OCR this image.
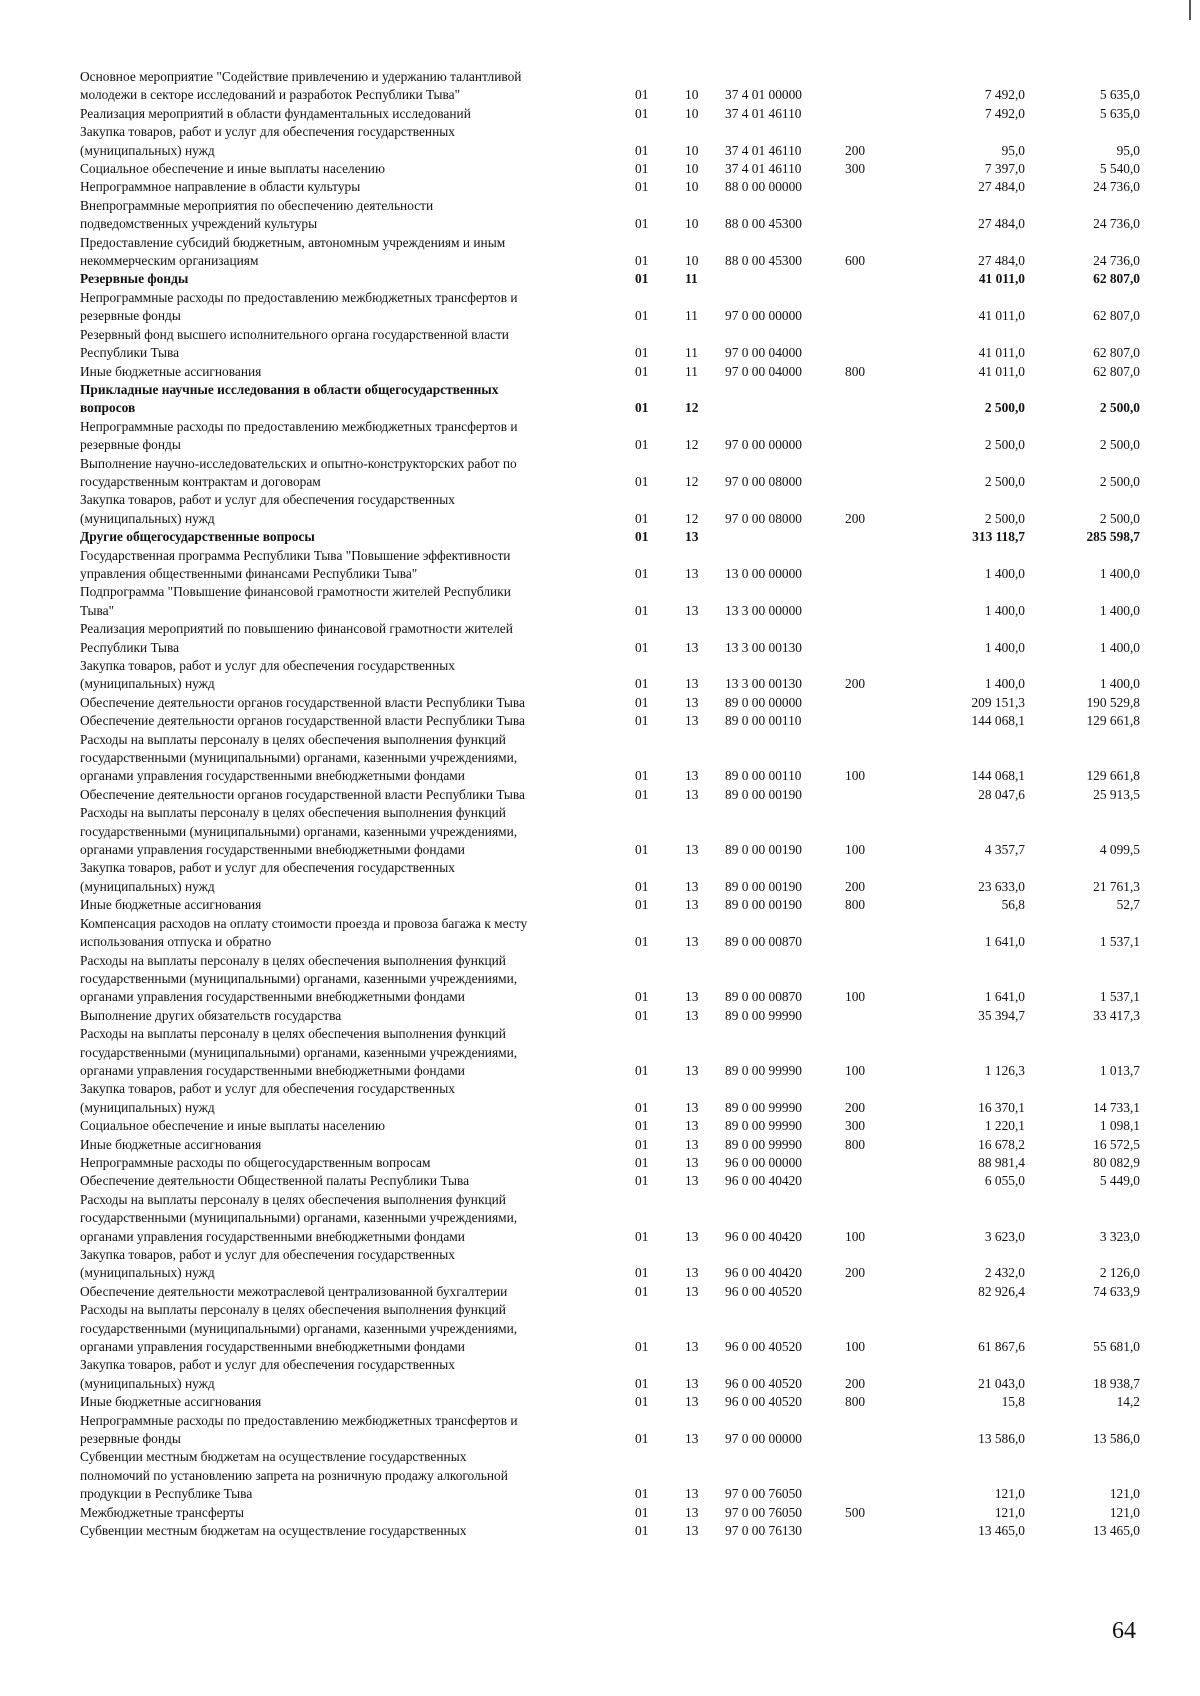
Основное мероприятие "Содействие привлечению и удержанию талантливой
молодежи в секторе исследований и разработок Республики Тыва"	01	10	37 4 01 00000		7 492,0	5 635,0

Реализация мероприятий в области фундаментальных исследований	01	10	37 4 01 46110		7 492,0	5 635,0

Закупка товаров, работ и услуг для обеспечения государственных
(муниципальных) нужд	01	10	37 4 01 46110	200	95,0	95,0

Социальное обеспечение и иные выплаты населению	01	10	37 4 01 46110	300	7 397,0	5 540,0

Непрограммное направление в области культуры	01	10	88 0 00 00000		27 484,0	24 736,0

Внепрограммные мероприятия по обеспечению деятельности
подведомственных учреждений культуры	01	10	88 0 00 45300		27 484,0	24 736,0

Предоставление субсидий бюджетным, автономным учреждениям и иным
некоммерческим организациям	01	10	88 0 00 45300	600	27 484,0	24 736,0

Резервные фонды	01	11			41 011,0	62 807,0

Непрограммные расходы по предоставлению межбюджетных трансфертов и
резервные фонды	01	11	97 0 00 00000		41 011,0	62 807,0

Резервный фонд высшего исполнительного органа государственной власти
Республики Тыва	01	11	97 0 00 04000		41 011,0	62 807,0

Иные бюджетные ассигнования	01	11	97 0 00 04000	800	41 011,0	62 807,0

Прикладные научные исследования в области общегосударственных
вопросов	01	12			2 500,0	2 500,0

Непрограммные расходы по предоставлению межбюджетных трансфертов и
резервные фонды	01	12	97 0 00 00000		2 500,0	2 500,0

Выполнение научно-исследовательских и опытно-конструкторских работ по
государственным контрактам и договорам	01	12	97 0 00 08000		2 500,0	2 500,0

Закупка товаров, работ и услуг для обеспечения государственных
(муниципальных) нужд	01	12	97 0 00 08000	200	2 500,0	2 500,0

Другие общегосударственные вопросы	01	13			313 118,7	285 598,7

Государственная программа Республики Тыва "Повышение эффективности
управления общественными финансами Республики Тыва"	01	13	13 0 00 00000		1 400,0	1 400,0

Подпрограмма "Повышение финансовой грамотности жителей Республики
Тыва"	01	13	13 3 00 00000		1 400,0	1 400,0

Реализация мероприятий по повышению финансовой грамотности жителей
Республики Тыва	01	13	13 3 00 00130		1 400,0	1 400,0

Закупка товаров, работ и услуг для обеспечения государственных
(муниципальных) нужд	01	13	13 3 00 00130	200	1 400,0	1 400,0

Обеспечение деятельности органов государственной власти Республики Тыва	01	13	89 0 00 00000		209 151,3	190 529,8

Обеспечение деятельности органов государственной власти Республики Тыва	01	13	89 0 00 00110		144 068,1	129 661,8

Расходы на выплаты персоналу в целях обеспечения выполнения функций
государственными (муниципальными) органами, казенными учреждениями,
органами управления государственными внебюджетными фондами	01	13	89 0 00 00110	100	144 068,1	129 661,8

Обеспечение деятельности органов государственной власти Республики Тыва	01	13	89 0 00 00190		28 047,6	25 913,5

Расходы на выплаты персоналу в целях обеспечения выполнения функций
государственными (муниципальными) органами, казенными учреждениями,
органами управления государственными внебюджетными фондами	01	13	89 0 00 00190	100	4 357,7	4 099,5

Закупка товаров, работ и услуг для обеспечения государственных
(муниципальных) нужд	01	13	89 0 00 00190	200	23 633,0	21 761,3

Иные бюджетные ассигнования	01	13	89 0 00 00190	800	56,8	52,7

Компенсация расходов на оплату стоимости проезда и провоза багажа к месту
использования отпуска и обратно	01	13	89 0 00 00870		1 641,0	1 537,1

Расходы на выплаты персоналу в целях обеспечения выполнения функций
государственными (муниципальными) органами, казенными учреждениями,
органами управления государственными внебюджетными фондами	01	13	89 0 00 00870	100	1 641,0	1 537,1

Выполнение других обязательств государства	01	13	89 0 00 99990		35 394,7	33 417,3

Расходы на выплаты персоналу в целях обеспечения выполнения функций
государственными (муниципальными) органами, казенными учреждениями,
органами управления государственными внебюджетными фондами	01	13	89 0 00 99990	100	1 126,3	1 013,7

Закупка товаров, работ и услуг для обеспечения государственных
(муниципальных) нужд	01	13	89 0 00 99990	200	16 370,1	14 733,1

Социальное обеспечение и иные выплаты населению	01	13	89 0 00 99990	300	1 220,1	1 098,1

Иные бюджетные ассигнования	01	13	89 0 00 99990	800	16 678,2	16 572,5

Непрограммные расходы по общегосударственным вопросам	01	13	96 0 00 00000		88 981,4	80 082,9

Обеспечение деятельности Общественной палаты Республики Тыва	01	13	96 0 00 40420		6 055,0	5 449,0

Расходы на выплаты персоналу в целях обеспечения выполнения функций
государственными (муниципальными) органами, казенными учреждениями,
органами управления государственными внебюджетными фондами	01	13	96 0 00 40420	100	3 623,0	3 323,0

Закупка товаров, работ и услуг для обеспечения государственных
(муниципальных) нужд	01	13	96 0 00 40420	200	2 432,0	2 126,0

Обеспечение деятельности межотраслевой централизованной бухгалтерии	01	13	96 0 00 40520		82 926,4	74 633,9

Расходы на выплаты персоналу в целях обеспечения выполнения функций
государственными (муниципальными) органами, казенными учреждениями,
органами управления государственными внебюджетными фондами	01	13	96 0 00 40520	100	61 867,6	55 681,0

Закупка товаров, работ и услуг для обеспечения государственных
(муниципальных) нужд	01	13	96 0 00 40520	200	21 043,0	18 938,7

Иные бюджетные ассигнования	01	13	96 0 00 40520	800	15,8	14,2

Непрограммные расходы по предоставлению межбюджетных трансфертов и
резервные фонды	01	13	97 0 00 00000		13 586,0	13 586,0

Субвенции местным бюджетам на осуществление государственных
полномочий по установлению запрета на розничную продажу алкогольной
продукции в Республике Тыва	01	13	97 0 00 76050		121,0	121,0

Межбюджетные трансферты	01	13	97 0 00 76050	500	121,0	121,0

Субвенции местным бюджетам на осуществление государственных	01	13	97 0 00 76130		13 465,0	13 465,0
64
